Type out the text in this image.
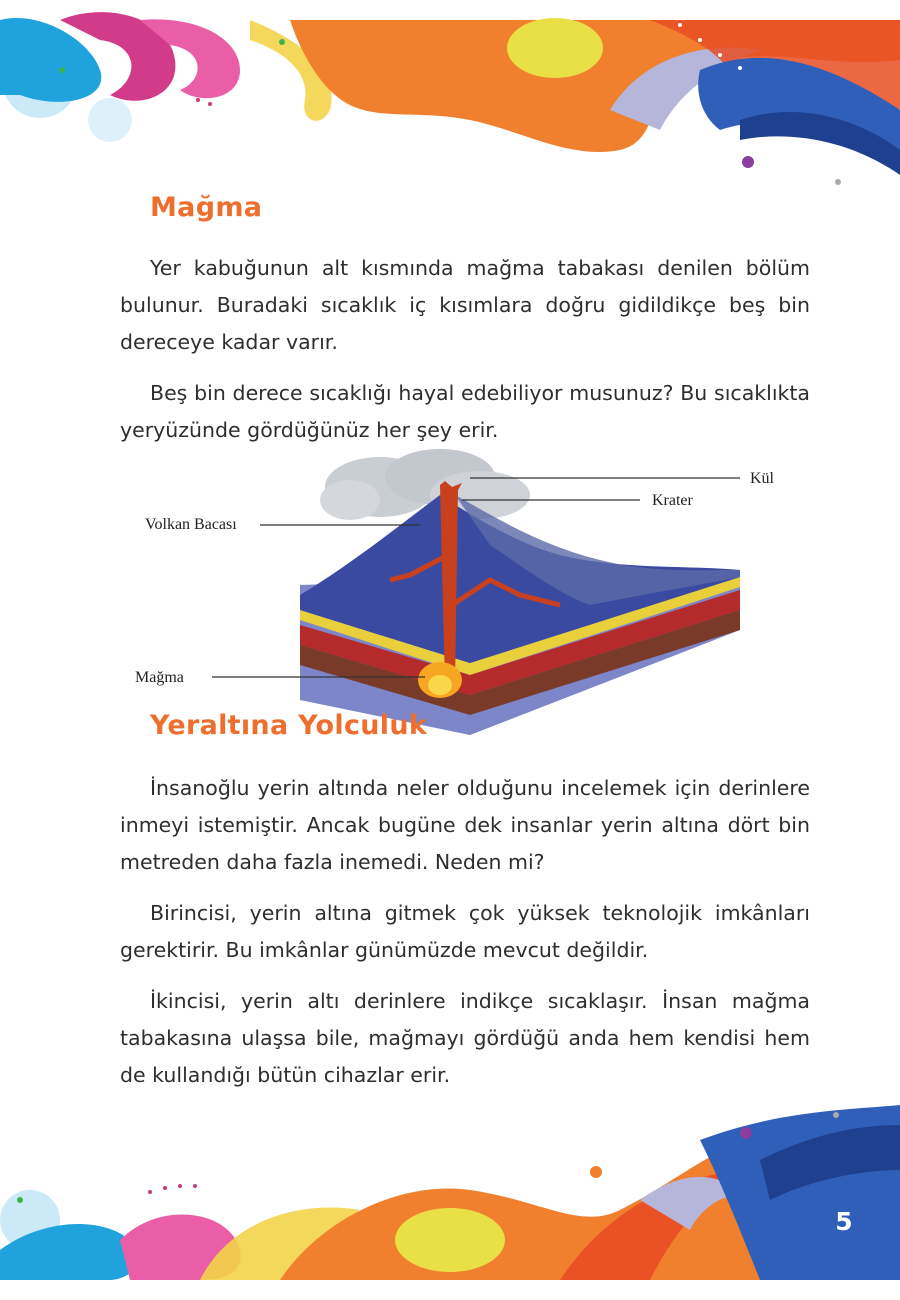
Mağma

Yer kabuğunun alt kısmında mağma tabakası denilen bölüm bulunur. Buradaki sıcaklık iç kısımlara doğru gidildikçe beş bin dereceye kadar varır.

Beş bin derece sıcaklığı hayal edebiliyor musunuz? Bu sıcaklıkta yeryüzünde gördüğünüz her şey erir.

Kül
Krater
Volkan Bacası
Mağma
Yeraltına Yolculuk

İnsanoğlu yerin altında neler olduğunu incelemek için derinlere inmeyi istemiştir. Ancak bugüne dek insanlar yerin altına dört bin metreden daha fazla inemedi. Neden mi?

Birincisi, yerin altına gitmek çok yüksek teknolojik imkânları gerektirir. Bu imkânlar günümüzde mevcut değildir.

İkincisi, yerin altı derinlere indikçe sıcaklaşır. İnsan mağma tabakasına ulaşsa bile, mağmayı gördüğü anda hem kendisi hem de kullandığı bütün cihazlar erir.

5
